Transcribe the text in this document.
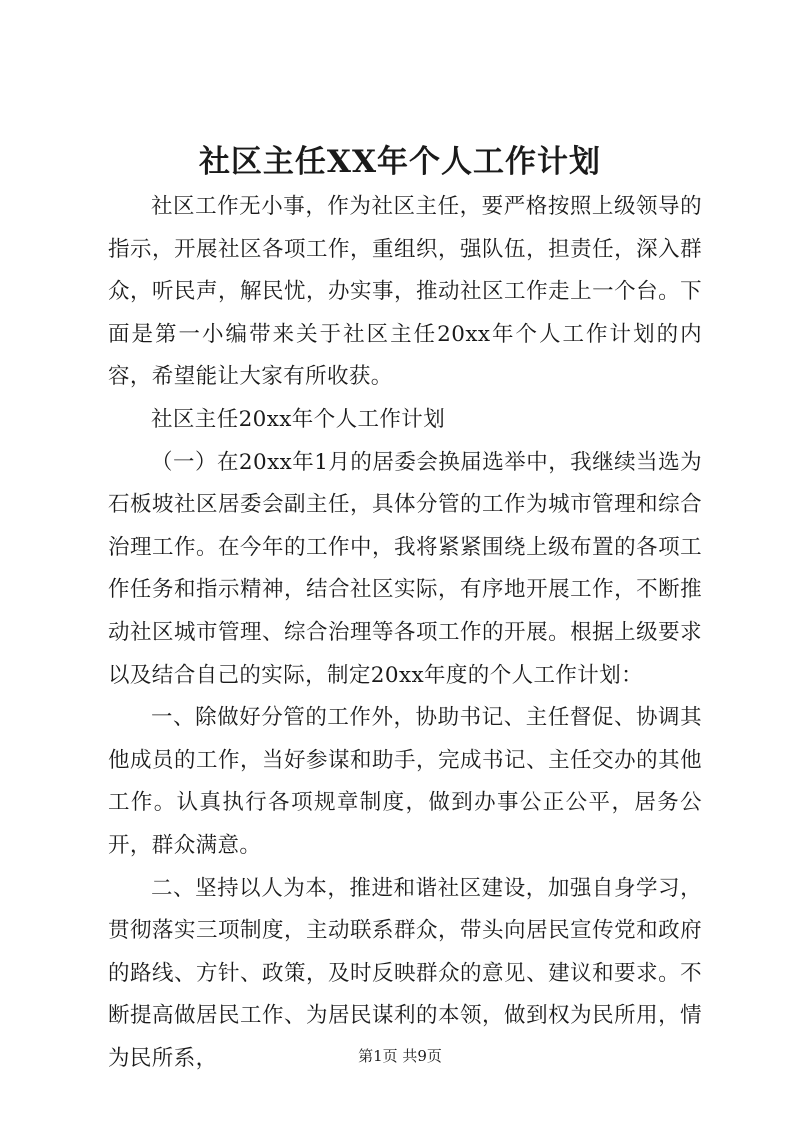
社区主任XX年个人工作计划

社区工作无小事，作为社区主任，要严格按照上级领导的指示，开展社区各项工作，重组织，强队伍，担责任，深入群众，听民声，解民忧，办实事，推动社区工作走上一个台。下面是第一小编带来关于社区主任20xx年个人工作计划的内容，希望能让大家有所收获。

社区主任20xx年个人工作计划

（一）在20xx年1月的居委会换届选举中，我继续当选为石板坡社区居委会副主任，具体分管的工作为城市管理和综合治理工作。在今年的工作中，我将紧紧围绕上级布置的各项工作任务和指示精神，结合社区实际，有序地开展工作，不断推动社区城市管理、综合治理等各项工作的开展。根据上级要求以及结合自己的实际，制定20xx年度的个人工作计划：

一、除做好分管的工作外，协助书记、主任督促、协调其他成员的工作，当好参谋和助手，完成书记、主任交办的其他工作。认真执行各项规章制度，做到办事公正公平，居务公开，群众满意。

二、坚持以人为本，推进和谐社区建设，加强自身学习，贯彻落实三项制度，主动联系群众，带头向居民宣传党和政府的路线、方针、政策，及时反映群众的意见、建议和要求。不断提高做居民工作、为居民谋利的本领，做到权为民所用，情为民所系，	第1页 共9页
